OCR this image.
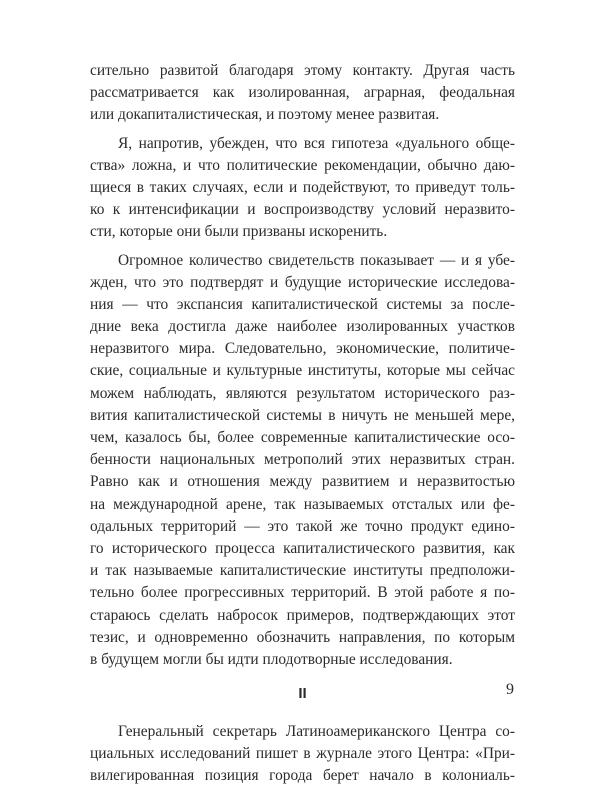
сительно развитой благодаря этому контакту. Другая часть
рассматривается как изолированная, аграрная, феодальная
или докапиталистическая, и поэтому менее развитая.
Я, напротив, убежден, что вся гипотеза «дуального обще-
ства» ложна, и что политические рекомендации, обычно даю-
щиеся в таких случаях, если и подействуют, то приведут толь-
ко к интенсификации и воспроизводству условий неразвито-
сти, которые они были призваны искоренить.
Огромное количество свидетельств показывает — и я убе-
жден, что это подтвердят и будущие исторические исследова-
ния — что экспансия капиталистической системы за после-
дние века достигла даже наиболее изолированных участков
неразвитого мира. Следовательно, экономические, политиче-
ские, социальные и культурные институты, которые мы сейчас
можем наблюдать, являются результатом исторического раз-
вития капиталистической системы в ничуть не меньшей мере,
чем, казалось бы, более современные капиталистические осо-
бенности национальных метрополий этих неразвитых стран.
Равно как и отношения между развитием и неразвитостью
на международной арене, так называемых отсталых или фе-
одальных территорий — это такой же точно продукт едино-
го исторического процесса капиталистического развития, как
и так называемые капиталистические институты предположи-
тельно более прогрессивных территорий. В этой работе я по-
стараюсь сделать набросок примеров, подтверждающих этот
тезис, и одновременно обозначить направления, по которым
в будущем могли бы идти плодотворные исследования.
II
Генеральный секретарь Латиноамериканского Центра со-
циальных исследований пишет в журнале этого Центра: «При-
вилегированная позиция города берет начало в колониаль-
9
